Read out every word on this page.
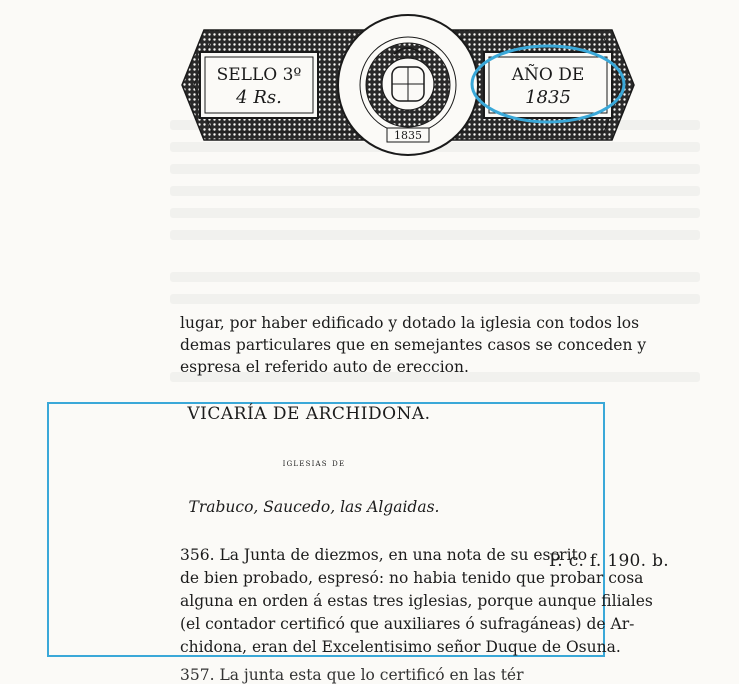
1835
SELLO 3º
4 Rs.
AÑO DE
1835
lugar, por haber edificado y dotado la iglesia con todos los
demas particulares que en semejantes casos se conceden y
espresa el referido auto de ereccion.
VICARÍA DE ARCHIDONA.
iglesias de
Trabuco, Saucedo, las Algaidas.
356. La Junta de diezmos, en una nota de su escrito
de bien probado, espresó: no habia tenido que probar cosa
alguna en orden á estas tres iglesias, porque aunque filiales
(el contador certificó que auxiliares ó sufragáneas) de Ar-
chidona, eran del Excelentisimo señor Duque de Osuna.
P. c. f. 190. b.
357. La junta esta que lo certificó en las tér
